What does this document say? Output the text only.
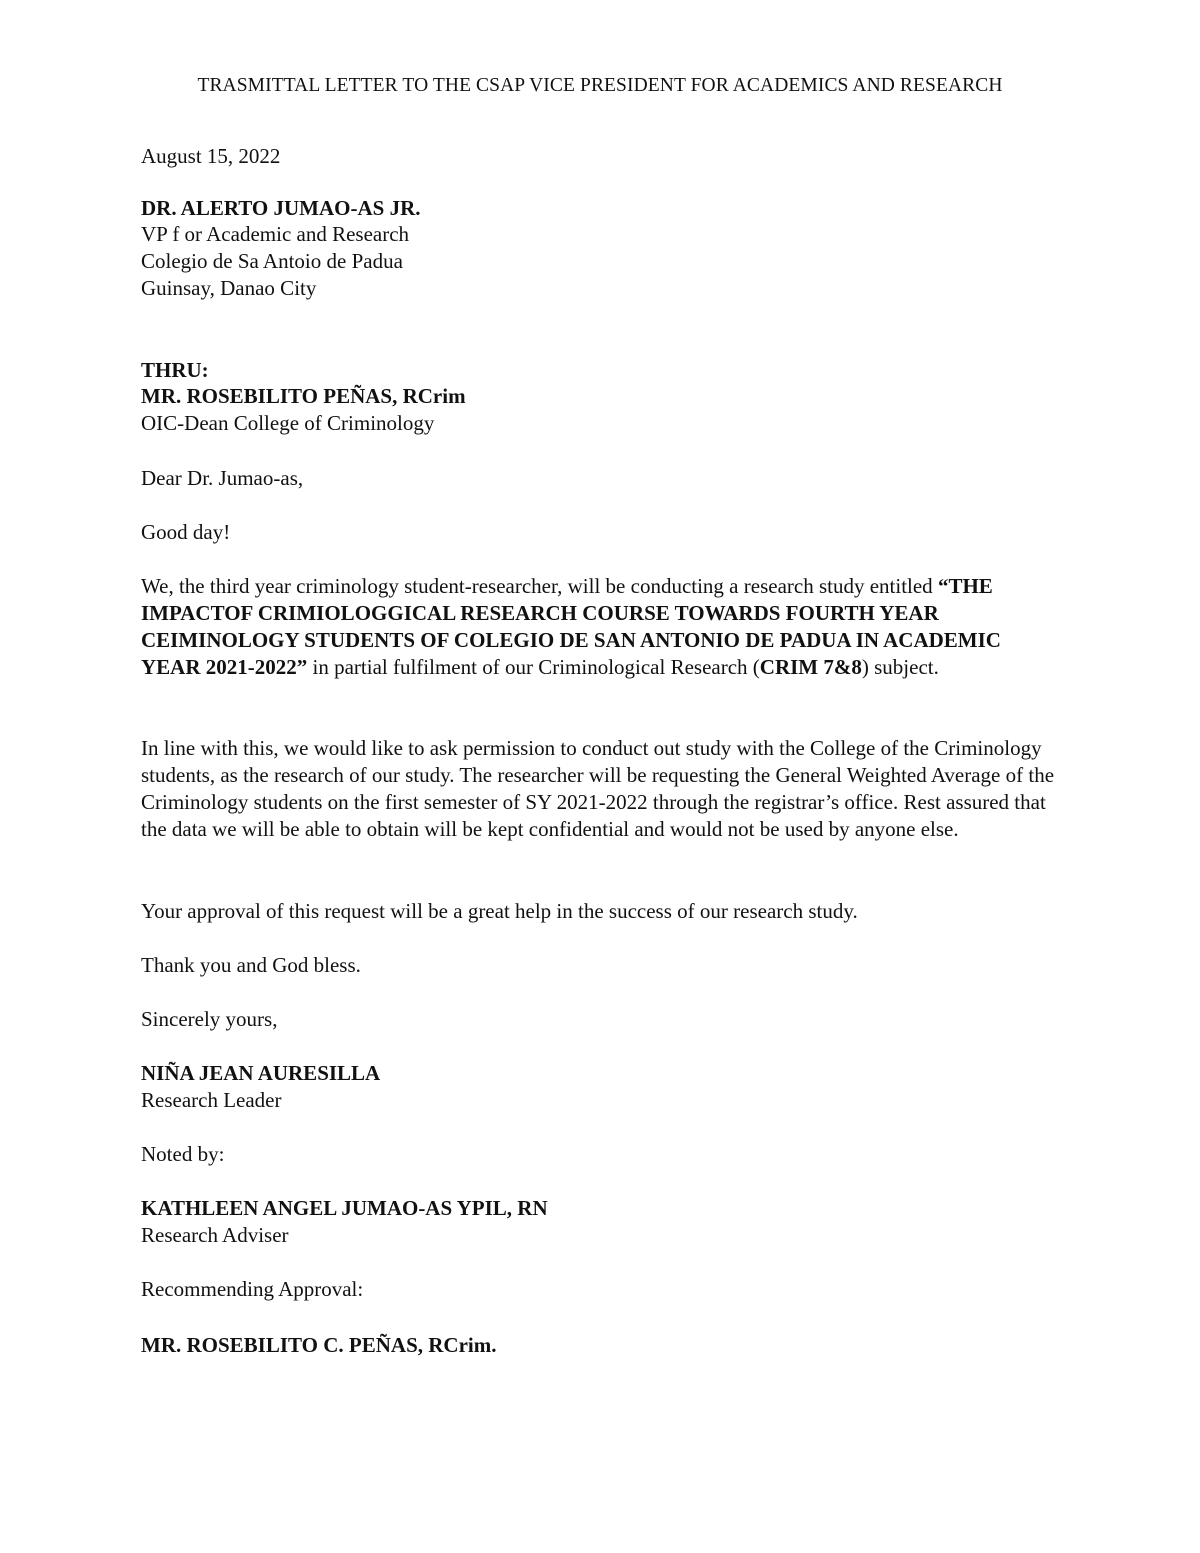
TRASMITTAL LETTER TO THE CSAP VICE PRESIDENT FOR ACADEMICS AND RESEARCH
August 15, 2022
DR. ALERTO JUMAO-AS JR.
VP f or Academic and Research
Colegio de Sa Antoio de Padua
Guinsay, Danao City
THRU:
MR. ROSEBILITO PEÑAS, RCrim
OIC-Dean College of Criminology
Dear Dr. Jumao-as,
Good day!

We, the third year criminology student-researcher, will be conducting a research study entitled “THE IMPACTOF CRIMIOLOGGICAL RESEARCH COURSE TOWARDS FOURTH YEAR CEIMINOLOGY STUDENTS OF COLEGIO DE SAN ANTONIO DE PADUA IN ACADEMIC YEAR 2021-2022” in partial fulfilment of our Criminological Research (CRIM 7&8) subject.

In line with this, we would like to ask permission to conduct out study with the College of the Criminology students, as the research of our study. The researcher will be requesting the General Weighted Average of the Criminology students on the first semester of SY 2021-2022 through the registrar’s office. Rest assured that the data we will be able to obtain will be kept confidential and would not be used by anyone else.

Your approval of this request will be a great help in the success of our research study.

Thank you and God bless.

Sincerely yours,
NIÑA JEAN AURESILLA
Research Leader
Noted by:
KATHLEEN ANGEL JUMAO-AS YPIL, RN
Research Adviser
Recommending Approval:
MR. ROSEBILITO C. PEÑAS, RCrim.
